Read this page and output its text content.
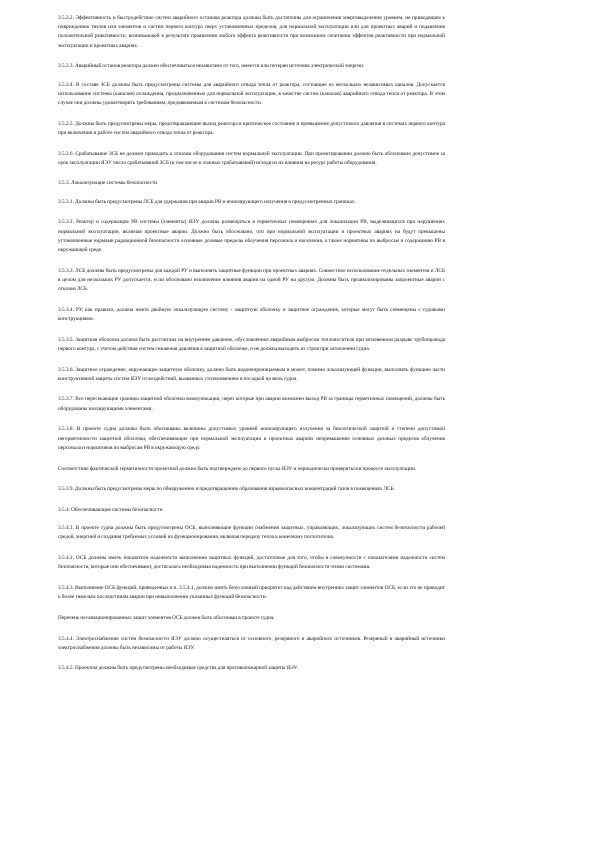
3.5.2.2. Эффективность и быстродействие систем аварийного останова реактора должны быть достаточны для ограничения энерговыделения уровнем, не приводящим к повреждению твэлов или элементов и систем первого контура сверх установленных пределов, для нормальной эксплуатации или для проектных аварий и подавления положительной реактивности, возникающей в результате проявления любого эффекта реактивности при возможном сочетании эффектов реактивности при нормальной эксплуатации и проектных авариях.

3.5.2.3. Аварийный останов реактора должен обеспечиваться независимо от того, имеется или потерян источник электрической энергии.

3.5.2.4. В составе ЗСБ должны быть предусмотрены системы для аварийного отвода тепла от реактора, состоящие из нескольких независимых каналов. Допускается использование системы (каналов) охлаждения, предназначенных для нормальной эксплуатации, в качестве систем (каналов) аварийного отвода тепла от реактора. В этом случае они должны удовлетворять требованиям, предъявляемым к системам безопасности.

3.5.2.5. Должны быть предусмотрены меры, предотвращающие выход реактора в критическое состояние и превышение допустимого давления в системах первого контура при включении и работе систем аварийного отвода тепла от реактора.

3.5.2.6. Срабатывание ЗСБ не должно приводить к отказам оборудования систем нормальной эксплуатации. При проектировании должно быть обосновано допустимое за срок эксплуатации ЯЭУ число срабатываний ЗСБ (в том числе и ложных срабатываний) исходя из их влияния на ресурс работы оборудования.

3.5.3. Локализующие системы безопасности

3.5.3.1. Должны быть предусмотрены ЛСБ для удержания при аварии РВ и ионизирующего излучения в предусмотренных границах.

3.5.3.2. Реактор и содержащие РВ системы (элементы) ЯЭУ должны размещаться в герметичных помещениях для локализации РВ, выделяющихся при нарушениях нормальной эксплуатации, включая проектные аварии. Должно быть обосновано, что при нормальной эксплуатации и проектных авариях на будут превышены установленные нормами радиационной безопасности основные дозовые пределы облучения персонала и населения, а также нормативы по выбросам и содержанию РВ в окружающей среде.

3.5.3.3. ЛСБ должны быть предусмотрены для каждой РУ и выполнять защитные функции при проектных авариях. Совместное использование отдельных элементов и ЛСБ в целом для нескольких РУ допускается, если обосновано исключение влияния аварии на одной РУ на другую. Должны быть проанализированы запроектные аварии с отказом ЛСБ.

3.5.3.4. РУ, как правило, должна иметь двойную локализующую систему - защитную оболочку и защитное ограждение, которые могут быть совмещены с судовыми конструкциями.

3.5.3.5. Защитная оболочка должна быть рассчитана на внутреннее давление, обусловленное аварийным выбросом теплоносителя при мгновенном разрыве трубопровода первого контура, с учетом действия систем снижения давления в защитной оболочке, и не должна выходить из строя при затоплении судна.

3.5.3.6. Защитное ограждение, окружающее защитную оболочку, должно быть водонепроницаемым и может, помимо локализующей функции, выполнять функцию части конструктивной защиты систем ЯЭУ от воздействий, вызванных столкновением и посадкой на мель судна.

3.5.3.7. Все пересекающие границы защитной оболочки коммуникации, через которые при аварии возможен выход РВ за границы герметичных помещений, должны быть оборудованы изолирующими элементами.

3.5.3.8. В проекте судна должны быть обоснованы величины допустимых уровней ионизирующего излучения за биологической защитой и степени допустимой негерметичности защитной оболочки, обеспечивающие при нормальной эксплуатации и проектных авариях непревышение основных дозовых пределов облучения персонала и нормативов по выбросам РВ в окружающую среду.

Соответствие фактической герметичности проектной должно быть подтверждено до первого пуска ЯЭУ и периодически проверяться в процессе эксплуатации.

3.5.3.9. Должны быть предусмотрены меры по обнаружению и предотвращению образования взрывоопасных концентраций газов в помещениях ЛСБ.

3.5.4. Обеспечивающие системы безопасности

3.5.4.1. В проекте судна должны быть предусмотрены ОСБ, выполняющие функции снабжения защитных, управляющих, локализующих систем безопасности рабочей средой, энергией и создания требуемых условий их функционирования, включая передачу тепла к конечному поглотителю.

3.5.4.2. ОСБ должны иметь показатели надежности выполнения защитных функций, достаточные для того, чтобы в совокупности с показателями надежности систем безопасности, которые они обеспечивают, достигалась необходимая надежность при выполнении функций безопасности этими системами.

3.5.4.3. Выполнение ОСБ функций, приведенных в п. 3.5.4.1, должно иметь безусловный приоритет над действием внутренних защит элементов ОСБ, если это не приводит к более тяжелым последствиям аварии при невыполнении указанных функций безопасности.

Перечень несанкционированных защит элементов ОСБ должен быть обоснован в проекте судна.

3.5.4.4. Электроснабжение систем безопасности ЯЭУ должно осуществляться от основного, резервного и аварийного источников. Резервный и аварийный источники электроснабжения должны быть независимы от работы ЯЭУ.

3.5.4.5. Проектом должны быть предусмотрены необходимые средства для противопожарной защиты ЯЭУ.
